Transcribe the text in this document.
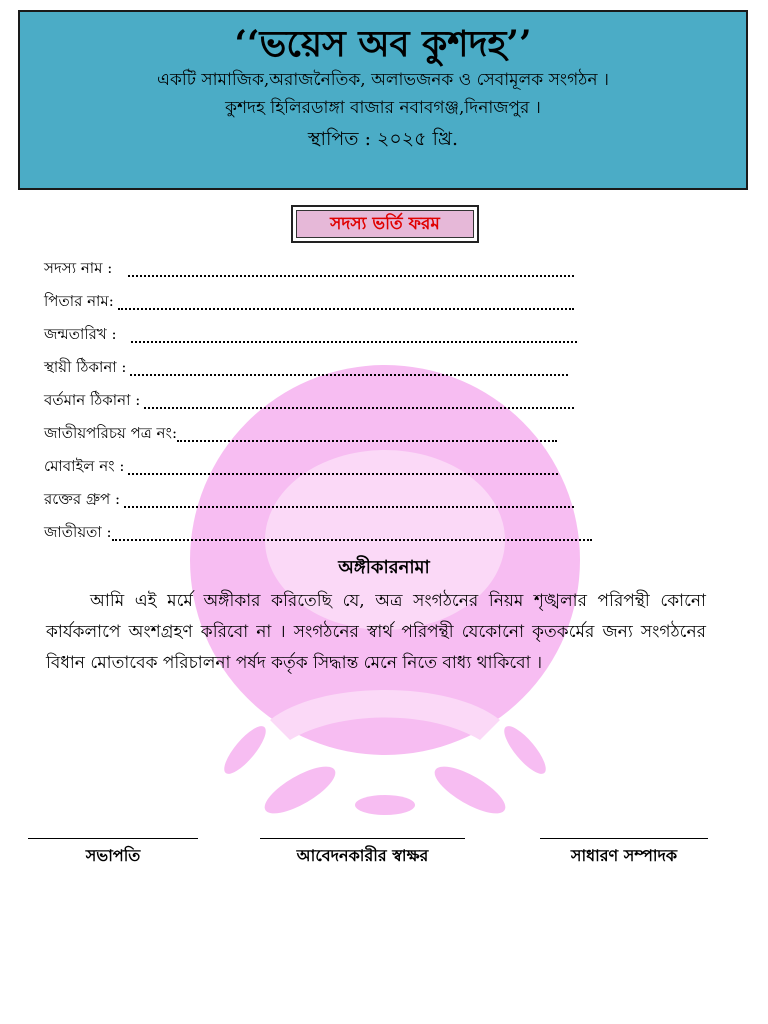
‘‘ভয়েস অব কুশদহ’’
একটি সামাজিক,অরাজনৈতিক, অলাভজনক ও সেবামূলক সংগঠন ।
কুশদহ হিলিরডাঙ্গা বাজার নবাবগঞ্জ,দিনাজপুর ।
স্থাপিত : ২০২৫ খ্রি.
সদস্য ভর্তি ফরম
সদস্য নাম :
পিতার নাম:
জন্মতারিখ :
স্থায়ী ঠিকানা :
বর্তমান ঠিকানা :
জাতীয়পরিচয় পত্র নং:
মোবাইল নং :
রক্তের গ্রুপ :
জাতীয়তা :
অঙ্গীকারনামা
আমি এই মর্মে অঙ্গীকার করিতেছি যে, অত্র সংগঠনের নিয়ম শৃঙ্খলার পরিপন্থী কোনো কার্যকলাপে অংশগ্রহণ করিবো না । সংগঠনের স্বার্থ পরিপন্থী যেকোনো কৃতকর্মের জন্য সংগঠনের বিধান মোতাবেক পরিচালনা পর্ষদ কর্তৃক সিদ্ধান্ত মেনে নিতে বাধ্য থাকিবো ।
সভাপতি	আবেদনকারীর স্বাক্ষর	সাধারণ সম্পাদক
